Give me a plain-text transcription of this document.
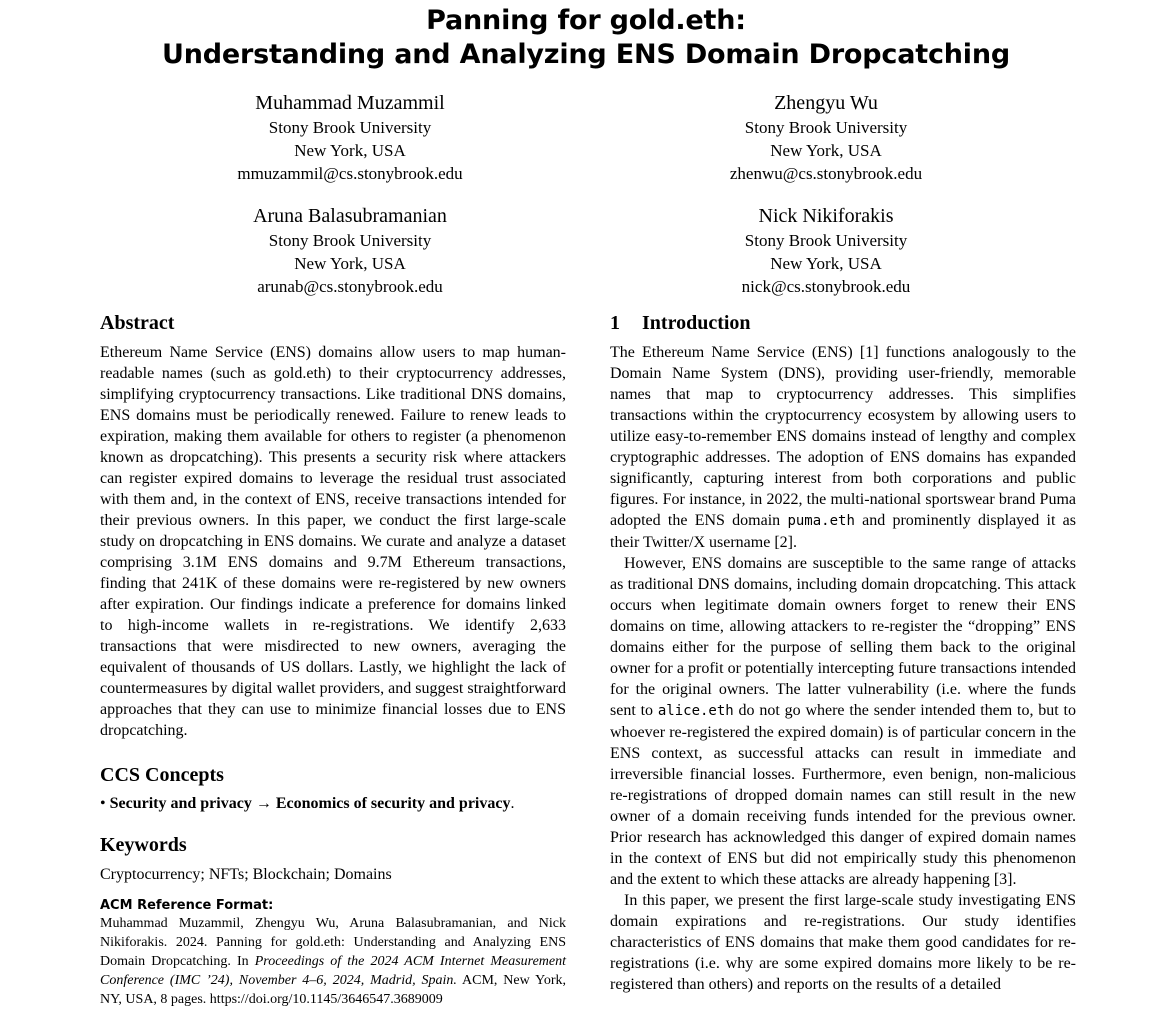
Panning for gold.eth:
Understanding and Analyzing ENS Domain Dropcatching
Muhammad Muzammil
Stony Brook University
New York, USA
mmuzammil@cs.stonybrook.edu
Zhengyu Wu
Stony Brook University
New York, USA
zhenwu@cs.stonybrook.edu
Aruna Balasubramanian
Stony Brook University
New York, USA
arunab@cs.stonybrook.edu
Nick Nikiforakis
Stony Brook University
New York, USA
nick@cs.stonybrook.edu
Abstract

Ethereum Name Service (ENS) domains allow users to map human-readable names (such as gold.eth) to their cryptocurrency addresses, simplifying cryptocurrency transactions. Like traditional DNS domains, ENS domains must be periodically renewed. Failure to renew leads to expiration, making them available for others to register (a phenomenon known as dropcatching). This presents a security risk where attackers can register expired domains to leverage the residual trust associated with them and, in the context of ENS, receive transactions intended for their previous owners. In this paper, we conduct the first large-scale study on dropcatching in ENS domains. We curate and analyze a dataset comprising 3.1M ENS domains and 9.7M Ethereum transactions, finding that 241K of these domains were re-registered by new owners after expiration. Our findings indicate a preference for domains linked to high-income wallets in re-registrations. We identify 2,633 transactions that were misdirected to new owners, averaging the equivalent of thousands of US dollars. Lastly, we highlight the lack of countermeasures by digital wallet providers, and suggest straightforward approaches that they can use to minimize financial losses due to ENS dropcatching.

CCS Concepts
• Security and privacy → Economics of security and privacy.
Keywords

Cryptocurrency; NFTs; Blockchain; Domains

ACM Reference Format:

Muhammad Muzammil, Zhengyu Wu, Aruna Balasubramanian, and Nick Nikiforakis. 2024. Panning for gold.eth: Understanding and Analyzing ENS Domain Dropcatching. In Proceedings of the 2024 ACM Internet Measurement Conference (IMC ’24), November 4–6, 2024, Madrid, Spain. ACM, New York, NY, USA, 8 pages. https://doi.org/10.1145/3646547.3689009

1 Introduction

The Ethereum Name Service (ENS) [1] functions analogously to the Domain Name System (DNS), providing user-friendly, memorable names that map to cryptocurrency addresses. This simplifies transactions within the cryptocurrency ecosystem by allowing users to utilize easy-to-remember ENS domains instead of lengthy and complex cryptographic addresses. The adoption of ENS domains has expanded significantly, capturing interest from both corporations and public figures. For instance, in 2022, the multi-national sportswear brand Puma adopted the ENS domain puma.eth and prominently displayed it as their Twitter/X username [2].

However, ENS domains are susceptible to the same range of attacks as traditional DNS domains, including domain dropcatching. This attack occurs when legitimate domain owners forget to renew their ENS domains on time, allowing attackers to re-register the “dropping” ENS domains either for the purpose of selling them back to the original owner for a profit or potentially intercepting future transactions intended for the original owners. The latter vulnerability (i.e. where the funds sent to alice.eth do not go where the sender intended them to, but to whoever re-registered the expired domain) is of particular concern in the ENS context, as successful attacks can result in immediate and irreversible financial losses. Furthermore, even benign, non-malicious re-registrations of dropped domain names can still result in the new owner of a domain receiving funds intended for the previous owner. Prior research has acknowledged this danger of expired domain names in the context of ENS but did not empirically study this phenomenon and the extent to which these attacks are already happening [3].

In this paper, we present the first large-scale study investigating ENS domain expirations and re-registrations. Our study identifies characteristics of ENS domains that make them good candidates for re-registrations (i.e. why are some expired domains more likely to be re-registered than others) and reports on the results of a detailed
